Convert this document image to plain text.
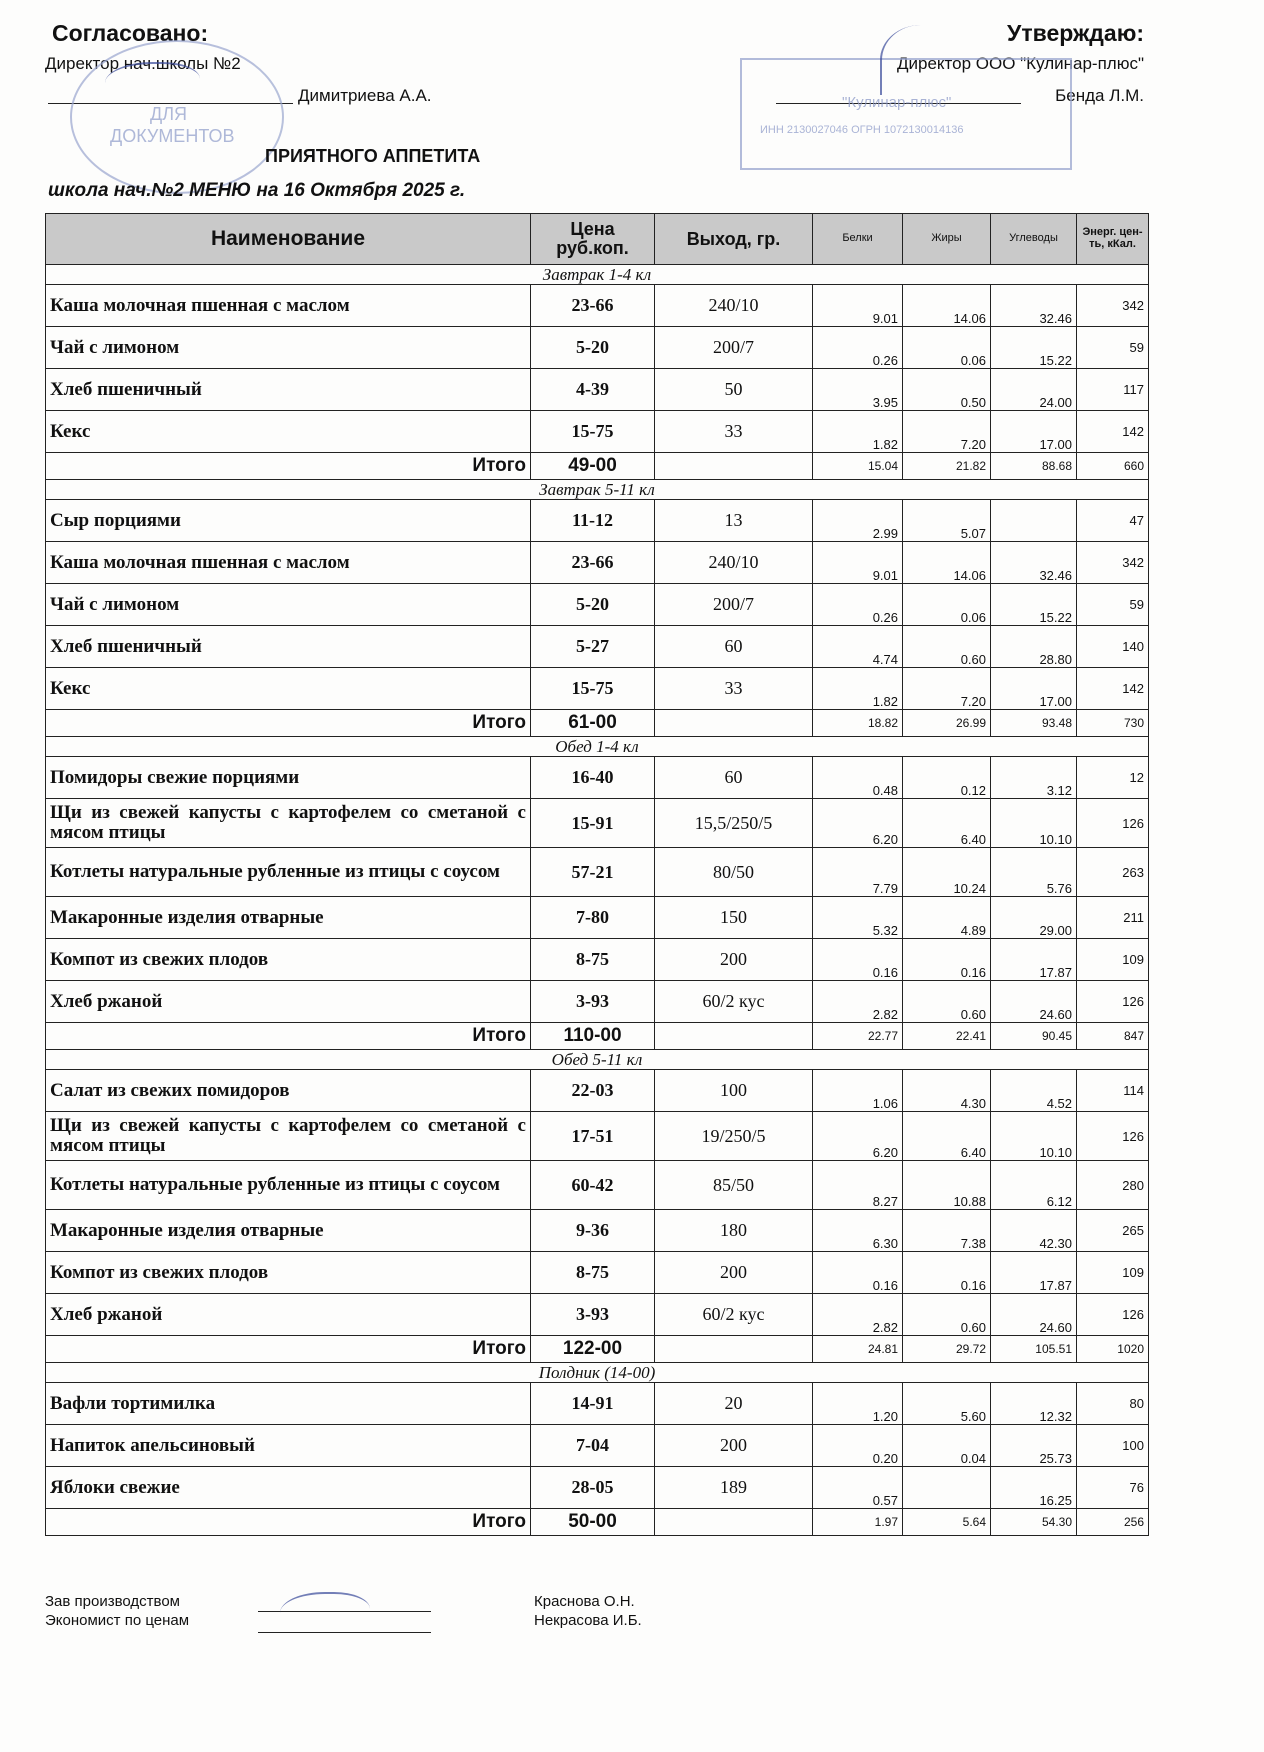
Согласовано:
Директор нач.школы №2
Димитриева А.А.
Утверждаю:
Директор ООО "Кулинар-плюс"
Бенда Л.М.
ДЛЯ
ДОКУМЕНТОВ
"Кулинар-плюс"
ИНН 2130027046 ОГРН 1072130014136
ПРИЯТНОГО АППЕТИТА
школа нач.№2 МЕНЮ на 16 Октября 2025 г.
Наименование	Цена руб.коп.	Выход, гр.	Белки	Жиры	Углеводы	Энерг. цен-ть, кКал.
Завтрак 1-4 кл						
Каша молочная пшенная с маслом	23-66	240/10	9.01	14.06	32.46	342
Чай с лимоном	5-20	200/7	0.26	0.06	15.22	59
Хлеб пшеничный	4-39	50	3.95	0.50	24.00	117
Кекс	15-75	33	1.82	7.20	17.00	142
Итого	49-00		15.04	21.82	88.68	660
Завтрак 5-11 кл						
Сыр порциями	11-12	13	2.99	5.07		47
Каша молочная пшенная с маслом	23-66	240/10	9.01	14.06	32.46	342
Чай с лимоном	5-20	200/7	0.26	0.06	15.22	59
Хлеб пшеничный	5-27	60	4.74	0.60	28.80	140
Кекс	15-75	33	1.82	7.20	17.00	142
Итого	61-00		18.82	26.99	93.48	730
Обед 1-4 кл						
Помидоры свежие порциями	16-40	60	0.48	0.12	3.12	12
Щи из свежей капусты с картофелем со сметаной с мясом птицы	15-91	15,5/250/5	6.20	6.40	10.10	126
Котлеты натуральные рубленные из птицы с соусом	57-21	80/50	7.79	10.24	5.76	263
Макаронные изделия отварные	7-80	150	5.32	4.89	29.00	211
Компот из свежих плодов	8-75	200	0.16	0.16	17.87	109
Хлеб ржаной	3-93	60/2 кус	2.82	0.60	24.60	126
Итого	110-00		22.77	22.41	90.45	847
Обед 5-11 кл						
Салат из свежих помидоров	22-03	100	1.06	4.30	4.52	114
Щи из свежей капусты с картофелем со сметаной с мясом птицы	17-51	19/250/5	6.20	6.40	10.10	126
Котлеты натуральные рубленные из птицы с соусом	60-42	85/50	8.27	10.88	6.12	280
Макаронные изделия отварные	9-36	180	6.30	7.38	42.30	265
Компот из свежих плодов	8-75	200	0.16	0.16	17.87	109
Хлеб ржаной	3-93	60/2 кус	2.82	0.60	24.60	126
Итого	122-00		24.81	29.72	105.51	1020
Полдник (14-00)						
Вафли тортимилка	14-91	20	1.20	5.60	12.32	80
Напиток апельсиновый	7-04	200	0.20	0.04	25.73	100
Яблоки свежие	28-05	189	0.57		16.25	76
Итого	50-00		1.97	5.64	54.30	256
Зав производством
Экономист по ценам
Краснова О.Н.
Некрасова И.Б.
